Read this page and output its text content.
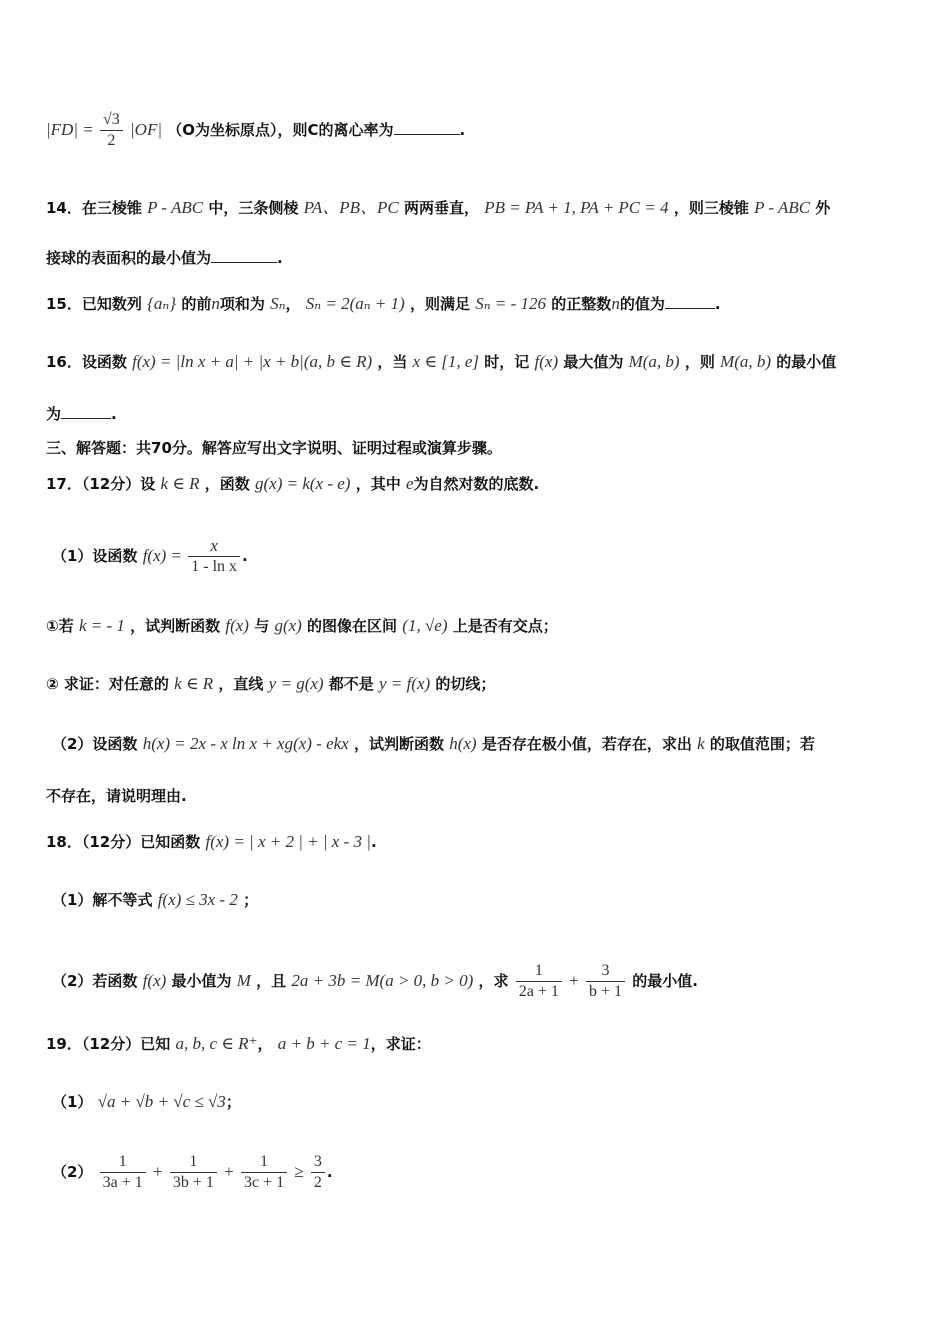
$|FD| = \frac{√3}{2} |OF|$ （O为坐标原点），则C的离心率为	.
14．在三棱锥 P - ABC 中，三条侧棱 PA、PB、PC 两两垂直， PB = PA + 1, PA + PC = 4 ，则三棱锥 P - ABC 外
接球的表面积的最小值为	.
15．已知数列 {aₙ} 的前n项和为 Sₙ， Sₙ = 2(aₙ + 1) ，则满足 Sₙ = - 126 的正整数n的值为	.
16．设函数 f(x) = |ln x + a| + |x + b|(a, b ∈ R) ，当 x ∈ [1, e] 时，记 f(x) 最大值为 M(a, b) ，则 M(a, b) 的最小值
为	.
三、解答题：共70分。解答应写出文字说明、证明过程或演算步骤。
17．（12分）设 k ∈ R ，函数 g(x) = k(x - e) ，其中 e为自然对数的底数.
（1）设函数 $f(x) = \frac{x}{\text{1 - ln x}}$ .
①若 k = - 1 ，试判断函数 f(x) 与 g(x) 的图像在区间 (1, √e) 上是否有交点；
② 求证：对任意的 k ∈ R ，直线 y = g(x) 都不是 y = f(x) 的切线；
（2）设函数 h(x) = 2x - x ln x + xg(x) - ekx ，试判断函数 h(x) 是否存在极小值，若存在，求出 k 的取值范围；若
不存在，请说明理由.
18．（12分）已知函数 f(x) = | x + 2 | + | x - 3 |.
（1）解不等式 f(x) ≤ 3x - 2 ；
（2）若函数 f(x) 最小值为 M ，且 2a + 3b = M(a > 0, b > 0) ，求 $\frac{1}{2a + 1} + \frac{3}{b + 1}$ 的最小值.
19．（12分）已知 a, b, c ∈ R⁺， a + b + c = 1，求证：
（1） √a + √b + √c ≤ √3；
$(2) \frac{1}{3a + 1} + \frac{1}{3b + 1} + \frac{1}{3c + 1} \ge \frac{3}{2}$ .
